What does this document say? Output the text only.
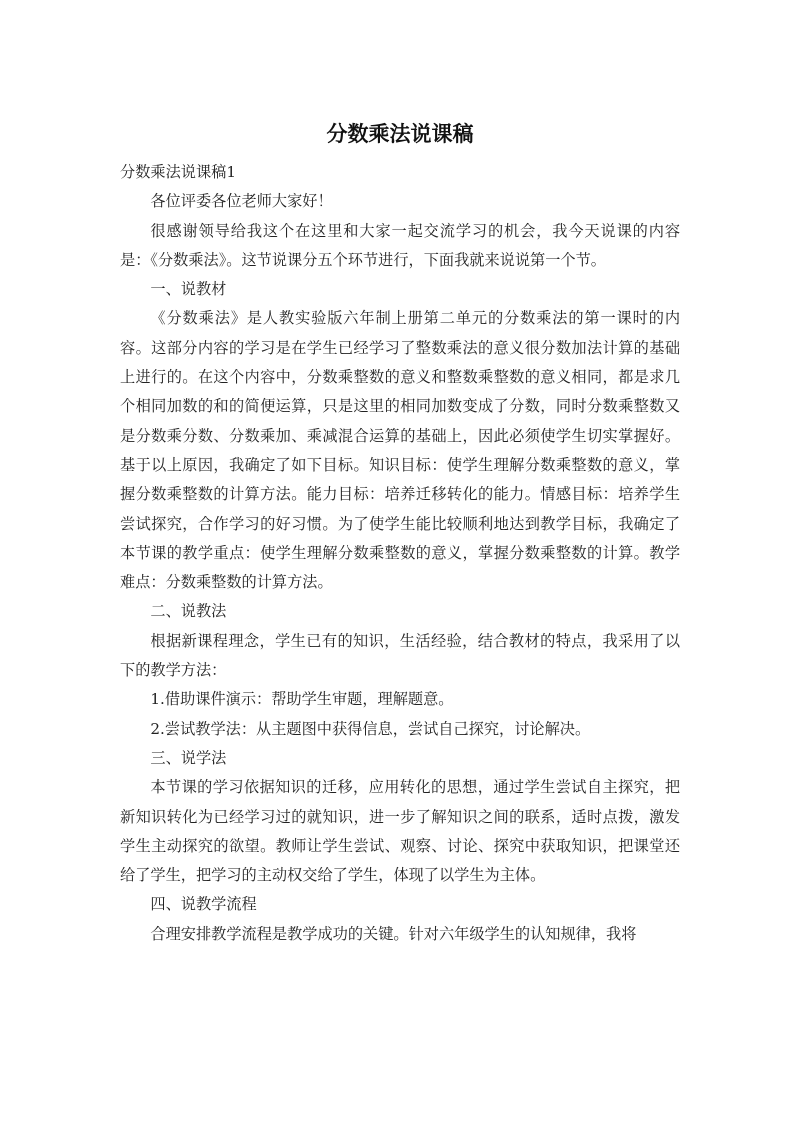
分数乘法说课稿

分数乘法说课稿1

各位评委各位老师大家好！

很感谢领导给我这个在这里和大家一起交流学习的机会，我今天说课的内容是：《分数乘法》。这节说课分五个环节进行，下面我就来说说第一个节。

一、说教材

《分数乘法》是人教实验版六年制上册第二单元的分数乘法的第一课时的内容。这部分内容的学习是在学生已经学习了整数乘法的意义很分数加法计算的基础上进行的。在这个内容中，分数乘整数的意义和整数乘整数的意义相同，都是求几个相同加数的和的简便运算，只是这里的相同加数变成了分数，同时分数乘整数又是分数乘分数、分数乘加、乘减混合运算的基础上，因此必须使学生切实掌握好。基于以上原因，我确定了如下目标。知识目标：使学生理解分数乘整数的意义，掌握分数乘整数的计算方法。能力目标：培养迁移转化的能力。情感目标：培养学生尝试探究，合作学习的好习惯。为了使学生能比较顺利地达到教学目标，我确定了本节课的教学重点：使学生理解分数乘整数的意义，掌握分数乘整数的计算。教学难点：分数乘整数的计算方法。

二、说教法

根据新课程理念，学生已有的知识，生活经验，结合教材的特点，我采用了以下的教学方法：

1.借助课件演示：帮助学生审题，理解题意。

2.尝试教学法：从主题图中获得信息，尝试自己探究，讨论解决。

三、说学法

本节课的学习依据知识的迁移，应用转化的思想，通过学生尝试自主探究，把新知识转化为已经学习过的就知识，进一步了解知识之间的联系，适时点拨，激发学生主动探究的欲望。教师让学生尝试、观察、讨论、探究中获取知识，把课堂还给了学生，把学习的主动权交给了学生，体现了以学生为主体。

四、说教学流程

合理安排教学流程是教学成功的关键。针对六年级学生的认知规律，我将
